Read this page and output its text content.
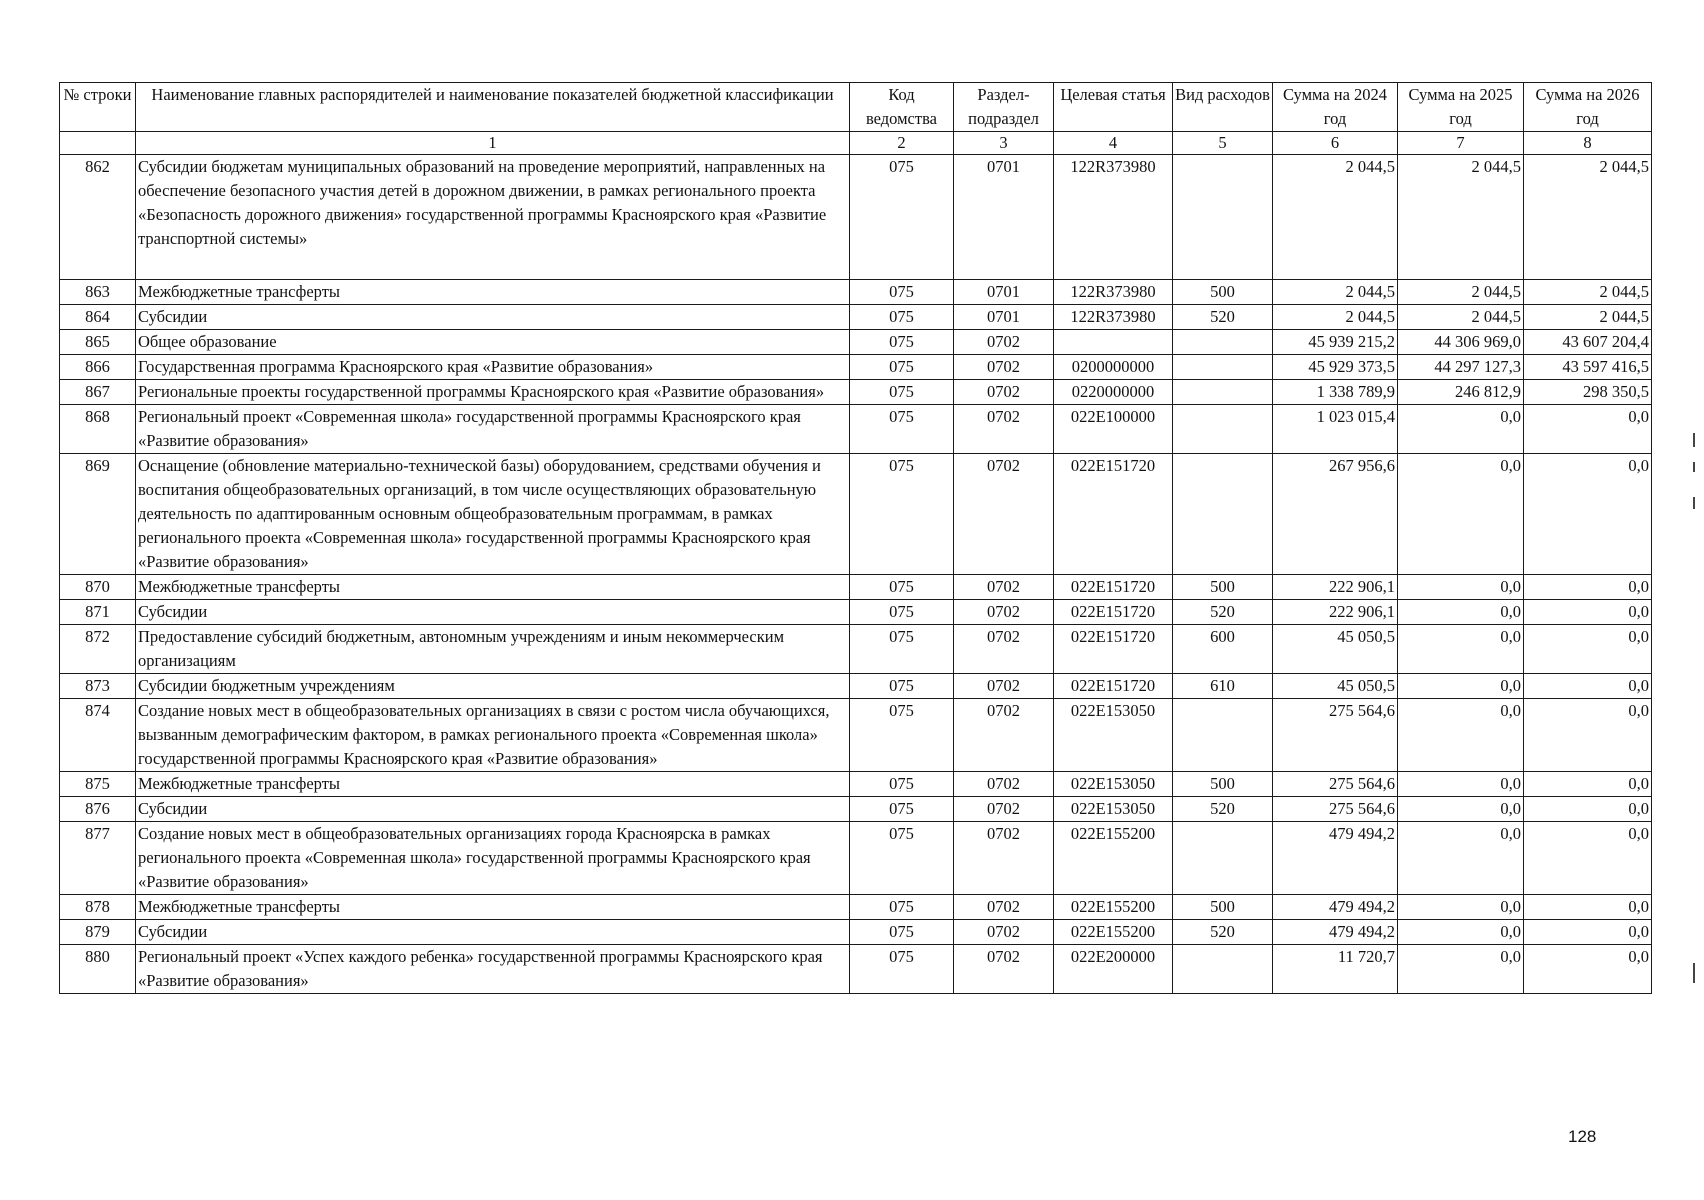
№ строки	Наименование главных распорядителей и наименование показателей бюджетной классификации	Код ведомства	Раздел-подраздел	Целевая статья	Вид расходов	Сумма на 2024 год	Сумма на 2025 год	Сумма на 2026 год
	1	2	3	4	5	6	7	8
862	Субсидии бюджетам муниципальных образований на проведение мероприятий, направленных на обеспечение безопасного участия детей в дорожном движении, в рамках регионального проекта «Безопасность дорожного движения» государственной программы Красноярского края «Развитие транспортной системы»	075	0701	122R373980		2 044,5	2 044,5	2 044,5
863	Межбюджетные трансферты	075	0701	122R373980	500	2 044,5	2 044,5	2 044,5
864	Субсидии	075	0701	122R373980	520	2 044,5	2 044,5	2 044,5
865	Общее образование	075	0702			45 939 215,2	44 306 969,0	43 607 204,4
866	Государственная программа Красноярского края «Развитие образования»	075	0702	0200000000		45 929 373,5	44 297 127,3	43 597 416,5
867	Региональные проекты государственной программы Красноярского края «Развитие образования»	075	0702	0220000000		1 338 789,9	246 812,9	298 350,5
868	Региональный проект «Современная школа» государственной программы Красноярского края «Развитие образования»	075	0702	022E100000		1 023 015,4	0,0	0,0
869	Оснащение (обновление материально-технической базы) оборудованием, средствами обучения и воспитания общеобразовательных организаций, в том числе осуществляющих образовательную деятельность по адаптированным основным общеобразовательным программам, в рамках регионального проекта «Современная школа» государственной программы Красноярского края «Развитие образования»	075	0702	022E151720		267 956,6	0,0	0,0
870	Межбюджетные трансферты	075	0702	022E151720	500	222 906,1	0,0	0,0
871	Субсидии	075	0702	022E151720	520	222 906,1	0,0	0,0
872	Предоставление субсидий бюджетным, автономным учреждениям и иным некоммерческим организациям	075	0702	022E151720	600	45 050,5	0,0	0,0
873	Субсидии бюджетным учреждениям	075	0702	022E151720	610	45 050,5	0,0	0,0
874	Создание новых мест в общеобразовательных организациях в связи с ростом числа обучающихся, вызванным демографическим фактором, в рамках регионального проекта «Современная школа» государственной программы Красноярского края «Развитие образования»	075	0702	022E153050		275 564,6	0,0	0,0
875	Межбюджетные трансферты	075	0702	022E153050	500	275 564,6	0,0	0,0
876	Субсидии	075	0702	022E153050	520	275 564,6	0,0	0,0
877	Создание новых мест в общеобразовательных организациях города Красноярска в рамках регионального проекта «Современная школа» государственной программы Красноярского края «Развитие образования»	075	0702	022E155200		479 494,2	0,0	0,0
878	Межбюджетные трансферты	075	0702	022E155200	500	479 494,2	0,0	0,0
879	Субсидии	075	0702	022E155200	520	479 494,2	0,0	0,0
880	Региональный проект «Успех каждого ребенка» государственной программы Красноярского края «Развитие образования»	075	0702	022E200000		11 720,7	0,0	0,0
128
